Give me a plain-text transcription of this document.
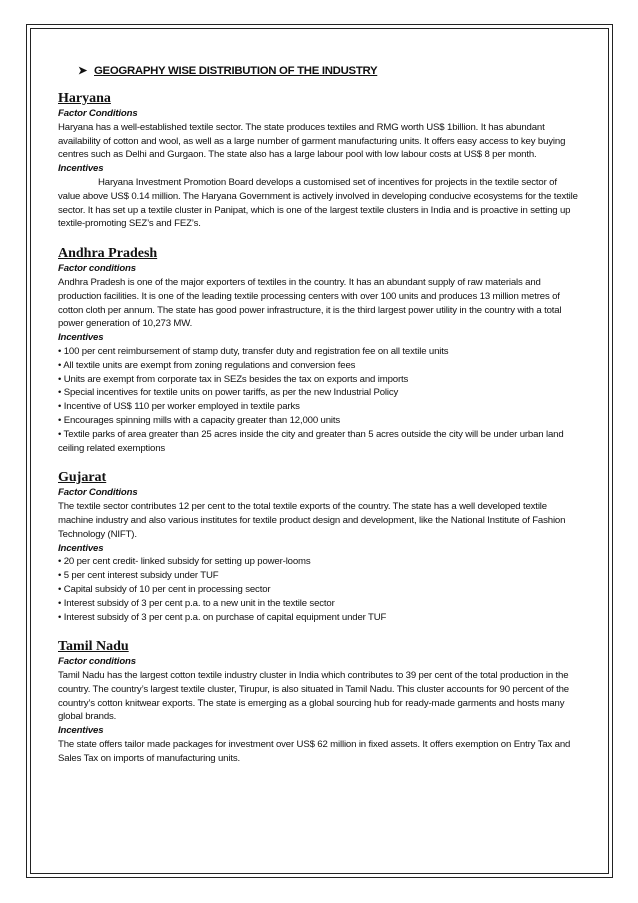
➤ GEOGRAPHY WISE DISTRIBUTION OF THE INDUSTRY
Haryana

Factor Conditions

Haryana has a well-established textile sector. The state produces textiles and RMG worth US$ 1billion. It has abundant availability of cotton and wool, as well as a large number of garment manufacturing units. It offers easy access to key buying centres such as Delhi and Gurgaon. The state also has a large labour pool with low labour costs at US$ 8 per month.

Incentives

Haryana Investment Promotion Board develops a customised set of incentives for projects in the textile sector of value above US$ 0.14 million. The Haryana Government is actively involved in developing conducive ecosystems for the textile sector. It has set up a textile cluster in Panipat, which is one of the largest textile clusters in India and is proactive in setting up textile-promoting SEZ’s and FEZ’s.

Andhra Pradesh

Factor conditions

Andhra Pradesh is one of the major exporters of textiles in the country. It has an abundant supply of raw materials and production facilities. It is one of the leading textile processing centers with over 100 units and produces 13 million metres of cotton cloth per annum. The state has good power infrastructure, it is the third largest power utility in the country with a total power generation of 10,273 MW.

Incentives

• 100 per cent reimbursement of stamp duty, transfer duty and registration fee on all textile units
• All textile units are exempt from zoning regulations and conversion fees
• Units are exempt from corporate tax in SEZs besides the tax on exports and imports
• Special incentives for textile units on power tariffs, as per the new Industrial Policy
• Incentive of US$ 110 per worker employed in textile parks
• Encourages spinning mills with a capacity greater than 12,000 units
• Textile parks of area greater than 25 acres inside the city and greater than 5 acres outside the city will be under urban land ceiling related exemptions
Gujarat

Factor Conditions

The textile sector contributes 12 per cent to the total textile exports of the country. The state has a well developed textile machine industry and also various institutes for textile product design and development, like the National Institute of Fashion Technology (NIFT).

Incentives

• 20 per cent credit- linked subsidy for setting up power-looms
• 5 per cent interest subsidy under TUF
• Capital subsidy of 10 per cent in processing sector
• Interest subsidy of 3 per cent p.a. to a new unit in the textile sector
• Interest subsidy of 3 per cent p.a. on purchase of capital equipment under TUF
Tamil Nadu

Factor conditions

Tamil Nadu has the largest cotton textile industry cluster in India which contributes to 39 per cent of the total production in the country. The country’s largest textile cluster, Tirupur, is also situated in Tamil Nadu. This cluster accounts for 90 percent of the country’s cotton knitwear exports. The state is emerging as a global sourcing hub for ready-made garments and hosts many global brands.

Incentives

The state offers tailor made packages for investment over US$ 62 million in fixed assets. It offers exemption on Entry Tax and Sales Tax on imports of manufacturing units.
